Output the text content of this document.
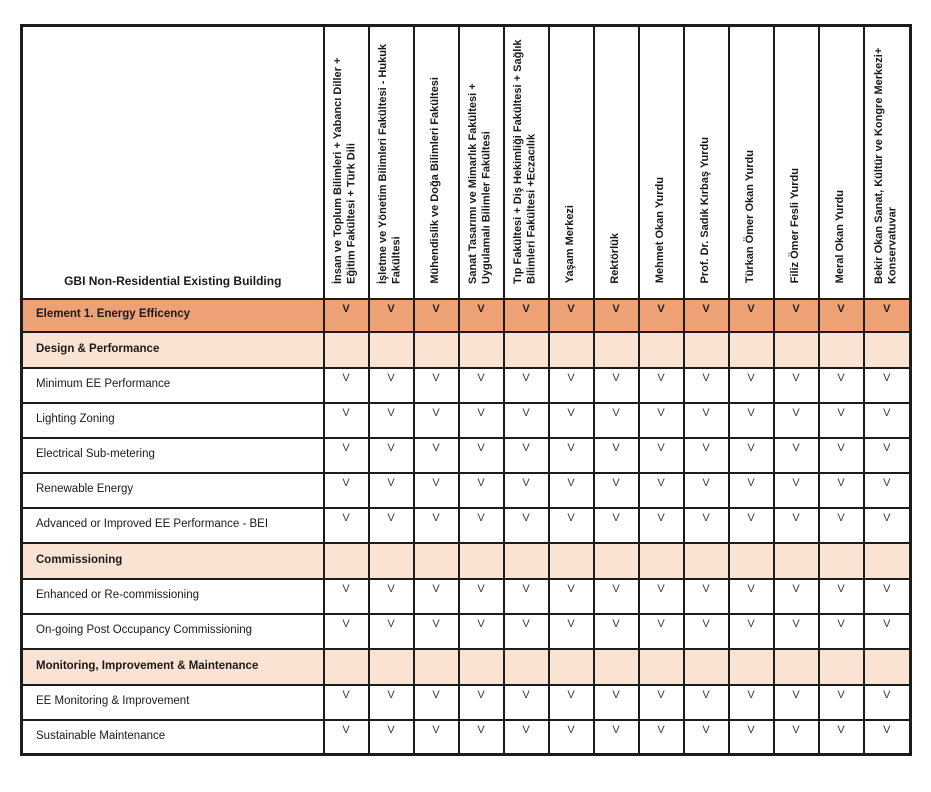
GBI Non-Residential Existing Building	İnsan ve Toplum Bilimleri + Yabancı Diller + Eğitim Fakültesi + Türk Dili	İşletme ve Yönetim Bilimleri Fakültesi - Hukuk Fakültesi	Mühendislik ve Doğa Bilimleri Fakültesi	Sanat Tasarımı ve Mimarlık Fakültesi + Uygulamalı Bilimler Fakültesi	Tıp Fakültesi + Diş Hekimliği Fakültesi + Sağlık Bilimleri Fakültesi +Eczacılık	Yaşam Merkezi	Rektörlük	Mehmet Okan Yurdu	Prof. Dr. Sadık Kırbaş Yurdu	Türkan Ömer Okan Yurdu	Filiz Ömer Fesli Yurdu	Meral Okan Yurdu	Bekir Okan Sanat, Kültür ve Kongre Merkezi+ Konservatuvar
Element 1. Energy Efficency	V	V	V	V	V	V	V	V	V	V	V	V	V
Design & Performance													
Minimum EE Performance	V	V	V	V	V	V	V	V	V	V	V	V	V
Lighting Zoning	V	V	V	V	V	V	V	V	V	V	V	V	V
Electrical Sub-metering	V	V	V	V	V	V	V	V	V	V	V	V	V
Renewable Energy	V	V	V	V	V	V	V	V	V	V	V	V	V
Advanced or Improved EE Performance - BEI	V	V	V	V	V	V	V	V	V	V	V	V	V
Commissioning													
Enhanced or Re-commissioning	V	V	V	V	V	V	V	V	V	V	V	V	V
On-going Post Occupancy Commissioning	V	V	V	V	V	V	V	V	V	V	V	V	V
Monitoring, Improvement & Maintenance													
EE Monitoring & Improvement	V	V	V	V	V	V	V	V	V	V	V	V	V
Sustainable Maintenance	V	V	V	V	V	V	V	V	V	V	V	V	V
